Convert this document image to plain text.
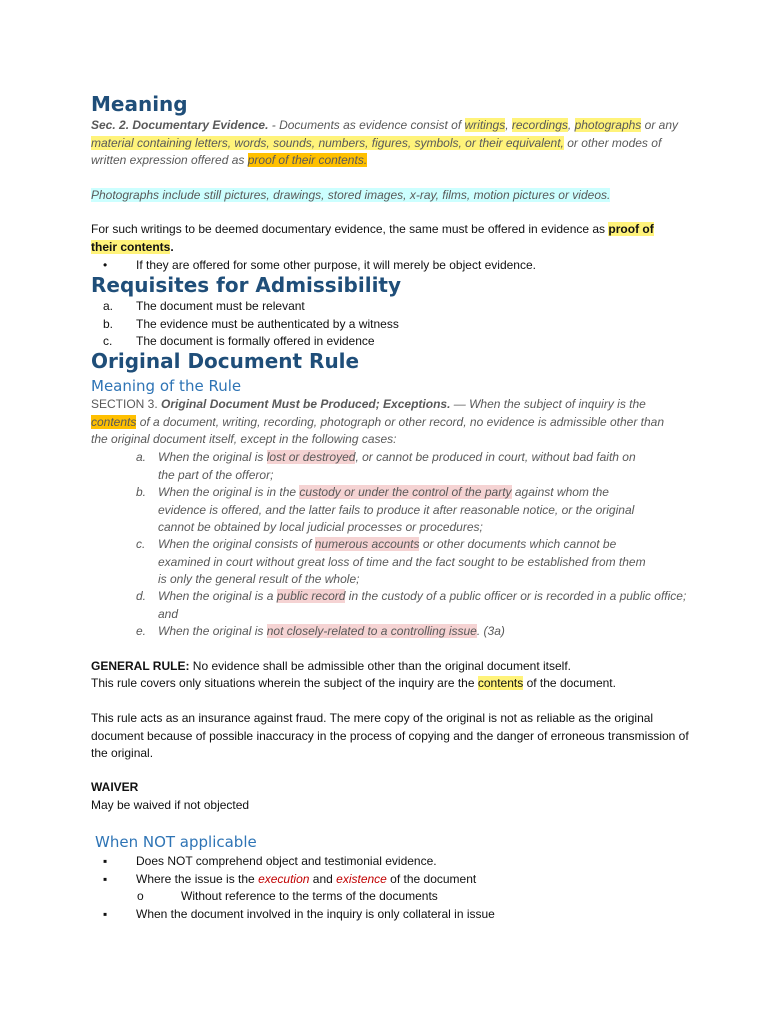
Meaning
Sec. 2. Documentary Evidence. - Documents as evidence consist of writings, recordings, photographs or any material containing letters, words, sounds, numbers, figures, symbols, or their equivalent, or other modes of written expression offered as proof of their contents.
Photographs include still pictures, drawings, stored images, x-ray, films, motion pictures or videos.
For such writings to be deemed documentary evidence, the same must be offered in evidence as proof of their contents.
• If they are offered for some other purpose, it will merely be object evidence.
Requisites for Admissibility
a. The document must be relevant
b. The evidence must be authenticated by a witness
c. The document is formally offered in evidence
Original Document Rule
Meaning of the Rule
SECTION 3. Original Document Must be Produced; Exceptions. — When the subject of inquiry is the contents of a document, writing, recording, photograph or other record, no evidence is admissible other than the original document itself, except in the following cases:
a. When the original is lost or destroyed, or cannot be produced in court, without bad faith on the part of the offeror;
b. When the original is in the custody or under the control of the party against whom the evidence is offered, and the latter fails to produce it after reasonable notice, or the original cannot be obtained by local judicial processes or procedures;
c. When the original consists of numerous accounts or other documents which cannot be examined in court without great loss of time and the fact sought to be established from them is only the general result of the whole;
d. When the original is a public record in the custody of a public officer or is recorded in a public office; and
e. When the original is not closely-related to a controlling issue. (3a)
GENERAL RULE: No evidence shall be admissible other than the original document itself.
This rule covers only situations wherein the subject of the inquiry are the contents of the document.
This rule acts as an insurance against fraud. The mere copy of the original is not as reliable as the original document because of possible inaccuracy in the process of copying and the danger of erroneous transmission of the original.
WAIVER
May be waived if not objected
When NOT applicable
▪ Does NOT comprehend object and testimonial evidence.
▪ Where the issue is the execution and existence of the document
o	Without reference to the terms of the documents
▪ When the document involved in the inquiry is only collateral in issue
